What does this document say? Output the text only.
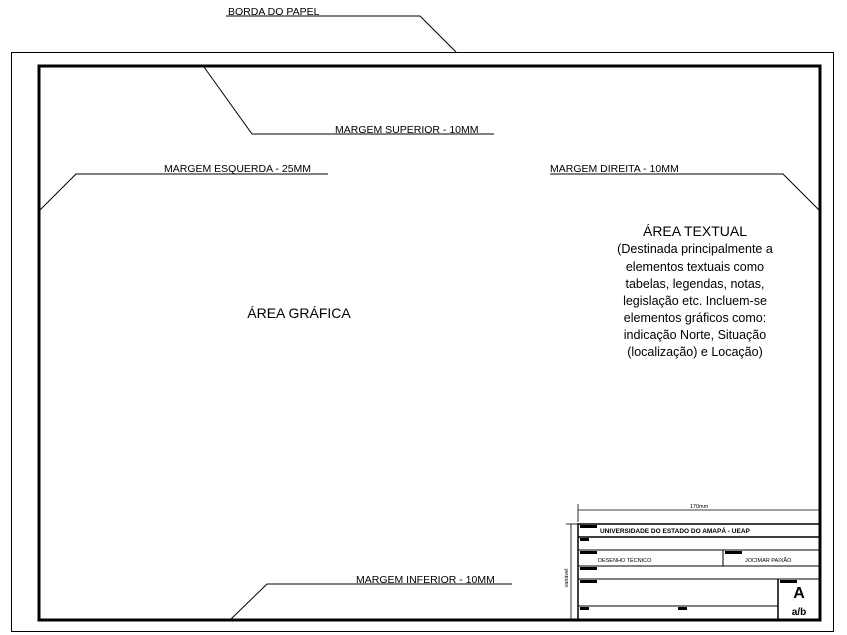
BORDA DO PAPEL
MARGEM SUPERIOR - 10MM
MARGEM ESQUERDA - 25MM	MARGEM DIREITA - 10MM
MARGEM INFERIOR - 10MM
ÁREA GRÁFICA
ÁREA TEXTUAL
(Destinada principalmente a
elementos textuais como
tabelas, legendas, notas,
legislação etc. Incluem-se
elementos gráficos como:
indicação Norte, Situação
(localização) e Locação)
170mm
variável
UNIVERSIDADE DO ESTADO DO AMAPÁ - UEAP
DESENHO TÉCNICO	JOCIMAR PAIXÃO
A
a/b
